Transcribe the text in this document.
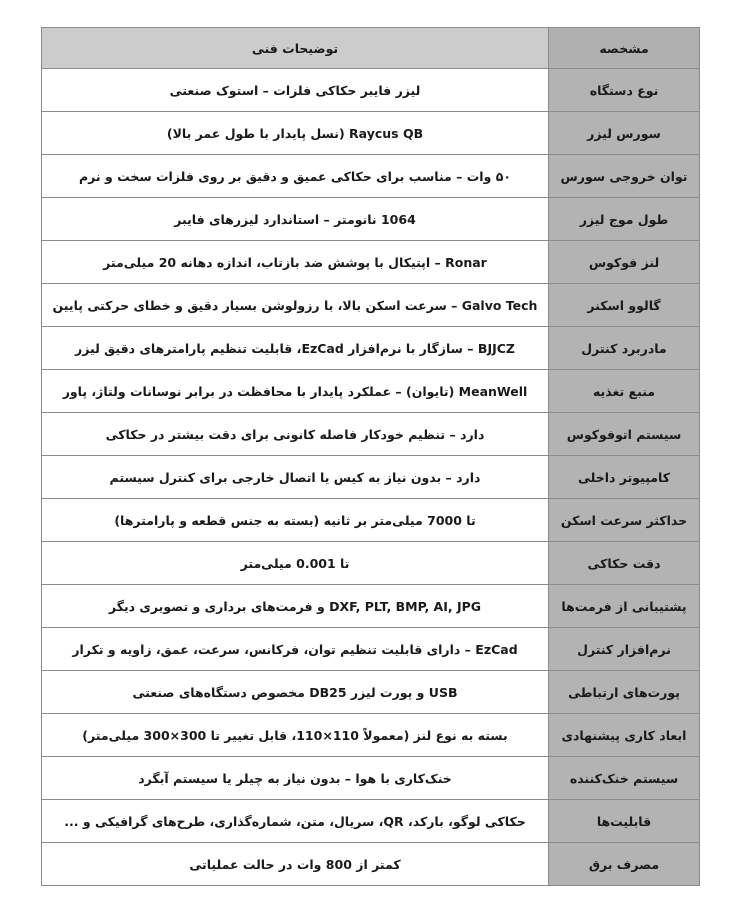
مشخصه	توضیحات فنی
نوع دستگاه	لیزر فایبر حکاکی فلزات – استوک صنعتی
سورس لیزر	Raycus QB (نسل پایدار با طول عمر بالا)
توان خروجی سورس	۵۰ وات – مناسب برای حکاکی عمیق و دقیق بر روی فلزات سخت و نرم
طول موج لیزر	1064 نانومتر – استاندارد لیزرهای فایبر
لنز فوکوس	Ronar – اپتیکال با پوشش ضد بازتاب، اندازه دهانه 20 میلی‌متر
گالوو اسکنر	Galvo Tech – سرعت اسکن بالا، با رزولوشن بسیار دقیق و خطای حرکتی پایین
مادربرد کنترل	BJJCZ – سازگار با نرم‌افزار EzCad، قابلیت تنظیم پارامترهای دقیق لیزر
منبع تغذیه	MeanWell (تایوان) – عملکرد پایدار با محافظت در برابر نوسانات ولتاژ، پاور
سیستم اتوفوکوس	دارد – تنظیم خودکار فاصله کانونی برای دقت بیشتر در حکاکی
کامپیوتر داخلی	دارد – بدون نیاز به کیس یا اتصال خارجی برای کنترل سیستم
حداکثر سرعت اسکن	تا 7000 میلی‌متر بر ثانیه (بسته به جنس قطعه و پارامترها)
دقت حکاکی	تا 0.001 میلی‌متر
پشتیبانی از فرمت‌ها	DXF, PLT, BMP, AI, JPG و فرمت‌های برداری و تصویری دیگر
نرم‌افزار کنترل	EzCad – دارای قابلیت تنظیم توان، فرکانس، سرعت، عمق، زاویه و تکرار
پورت‌های ارتباطی	USB و پورت لیزر DB25 مخصوص دستگاه‌های صنعتی
ابعاد کاری پیشنهادی	بسته به نوع لنز (معمولاً 110×110، قابل تغییر تا 300×300 میلی‌متر)
سیستم خنک‌کننده	خنک‌کاری با هوا – بدون نیاز به چیلر یا سیستم آبگرد
قابلیت‌ها	حکاکی لوگو، بارکد، QR، سریال، متن، شماره‌گذاری، طرح‌های گرافیکی و ...
مصرف برق	کمتر از 800 وات در حالت عملیاتی
